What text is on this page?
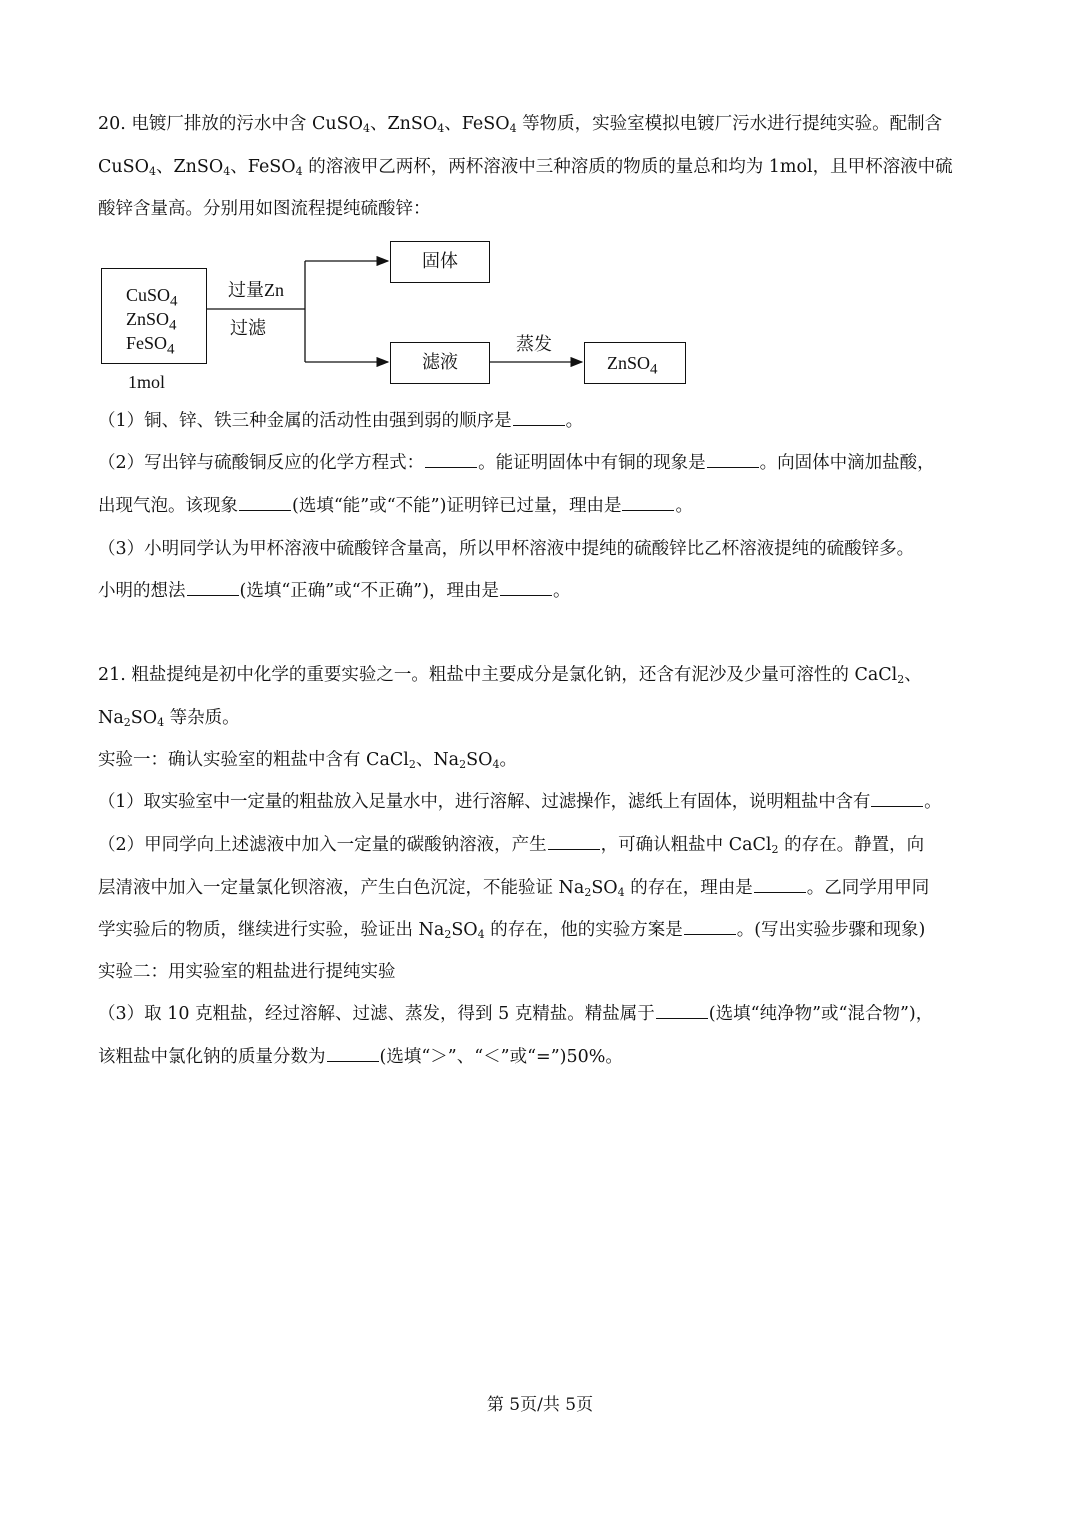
20. 电镀厂排放的污水中含 CuSO$_4$、ZnSO$_4$、FeSO$_4$ 等物质，实验室模拟电镀厂污水进行提纯实验。配制含
CuSO$_4$、ZnSO$_4$、FeSO$_4$ 的溶液甲乙两杯，两杯溶液中三种溶质的物质的量总和均为 1mol，且甲杯溶液中硫
酸锌含量高。分别用如图流程提纯硫酸锌：
CuSO$_4$
ZnSO$_4$
FeSO$_4$
1mol
过量Zn
过滤
固体
滤液
蒸发
ZnSO$_4$
（1）铜、锌、铁三种金属的活动性由强到弱的顺序是	。
（2）写出锌与硫酸铜反应的化学方程式：	。能证明固体中有铜的现象是	。向固体中滴加盐酸，
出现气泡。该现象	(选填“能”或“不能”)证明锌已过量，理由是	。
（3）小明同学认为甲杯溶液中硫酸锌含量高，所以甲杯溶液中提纯的硫酸锌比乙杯溶液提纯的硫酸锌多。
小明的想法	(选填“正确”或“不正确”)，理由是	。
21. 粗盐提纯是初中化学的重要实验之一。粗盐中主要成分是氯化钠，还含有泥沙及少量可溶性的 CaCl$_2$、
$Na_2SO_4$ 等杂质。
实验一：确认实验室的粗盐中含有 CaCl$_2$、$Na_2SO_4$。
（1）取实验室中一定量的粗盐放入足量水中，进行溶解、过滤操作，滤纸上有固体，说明粗盐中含有	。
（2）甲同学向上述滤液中加入一定量的碳酸钠溶液，产生	，可确认粗盐中 CaCl$_2$ 的存在。静置，向
层清液中加入一定量氯化钡溶液，产生白色沉淀，不能验证 $Na_2SO_4$ 的存在，理由是	。乙同学用甲同
学实验后的物质，继续进行实验，验证出 $Na_2SO_4$ 的存在，他的实验方案是	。(写出实验步骤和现象)
实验二：用实验室的粗盐进行提纯实验
（3）取 10 克粗盐，经过溶解、过滤、蒸发，得到 5 克精盐。精盐属于	(选填“纯净物”或“混合物”)，
该粗盐中氯化钠的质量分数为	(选填“＞”、“＜”或“=”)50%。
第 5页/共 5页
